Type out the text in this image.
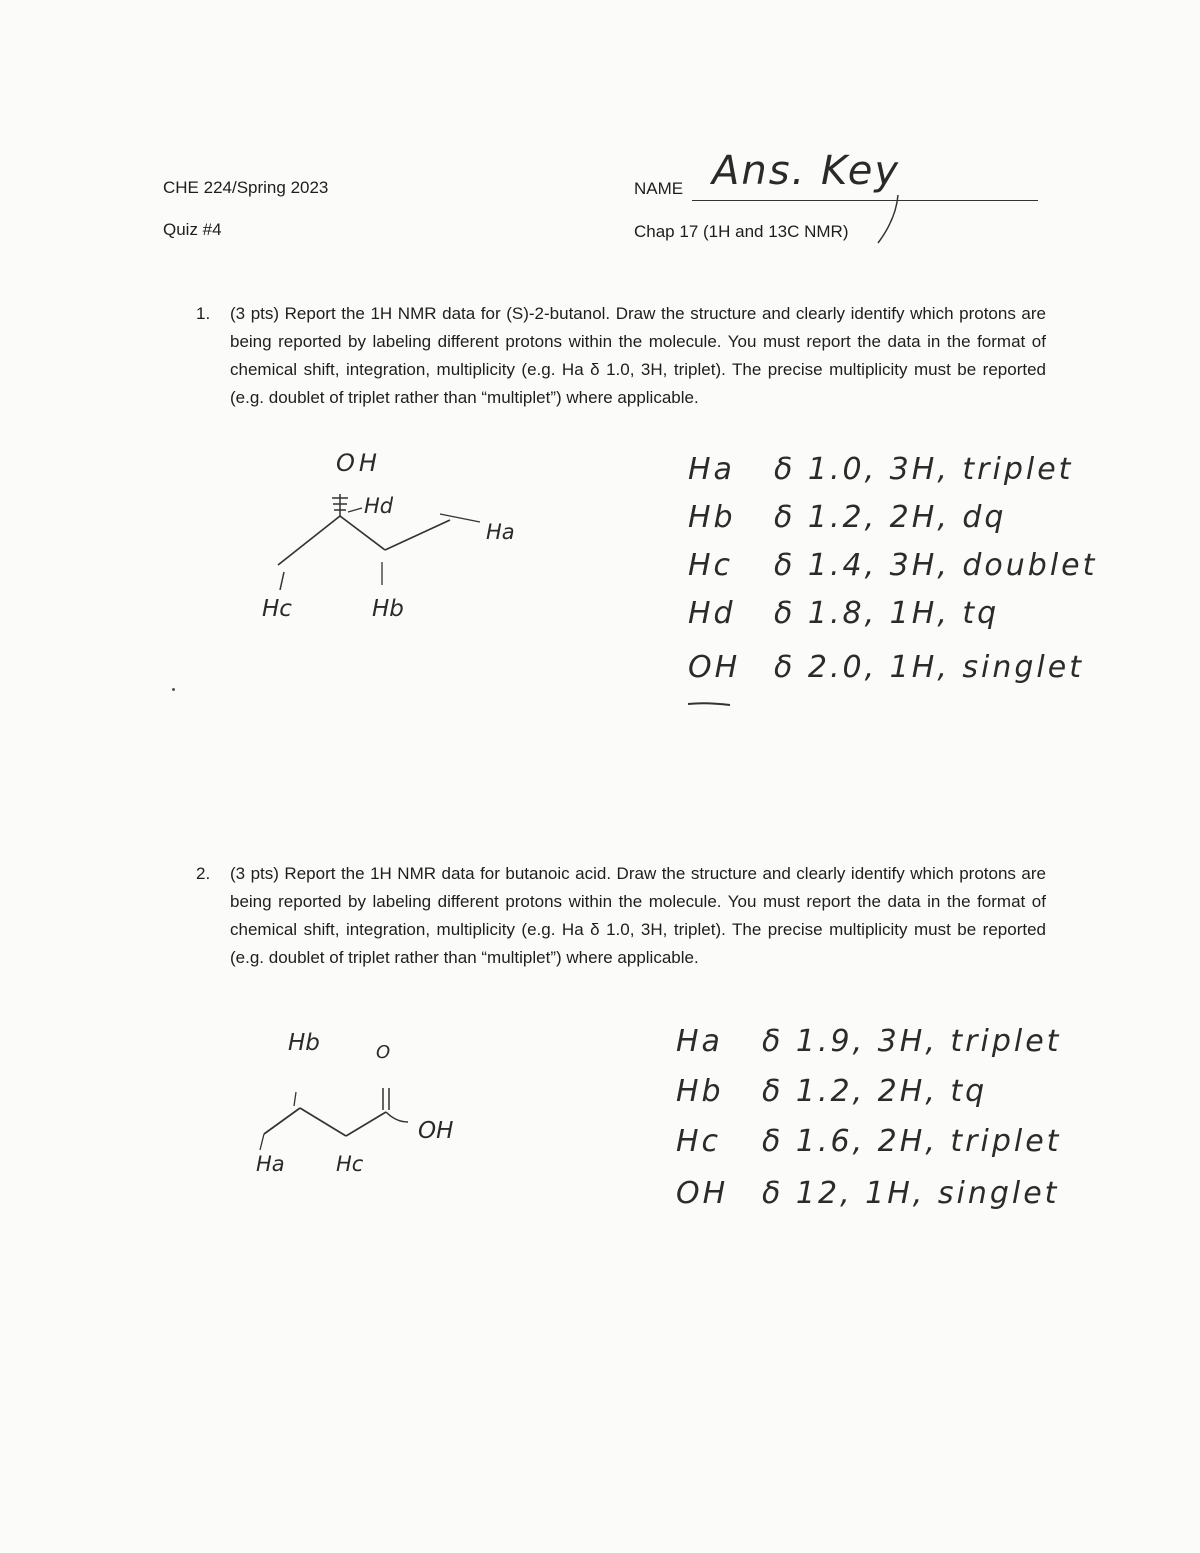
CHE 224/Spring 2023
Quiz #4
NAME Ans. Key
Chap 17 (1H and 13C NMR)
1. (3 pts) Report the 1H NMR data for (S)-2-butanol. Draw the structure and clearly identify which protons are being reported by labeling different protons within the molecule. You must report the data in the format of chemical shift, integration, multiplicity (e.g. Ha δ 1.0, 3H, triplet). The precise multiplicity must be reported (e.g. doublet of triplet rather than “multiplet”) where applicable.
OH
Hd
Ha
Hc	Hb
Ha δ 1.0, 3H, triplet
Hb δ 1.2, 2H, dq
Hc δ 1.4, 3H, doublet
Hd δ 1.8, 1H, tq
OH δ 2.0, 1H, singlet
2. (3 pts) Report the 1H NMR data for butanoic acid. Draw the structure and clearly identify which protons are being reported by labeling different protons within the molecule. You must report the data in the format of chemical shift, integration, multiplicity (e.g. Ha δ 1.0, 3H, triplet). The precise multiplicity must be reported (e.g. doublet of triplet rather than “multiplet”) where applicable.
Hb	O
OH
Ha Hc
Ha δ 1.9, 3H, triplet
Hb δ 1.2, 2H, tq
Hc δ 1.6, 2H, triplet
OH δ 12, 1H, singlet
